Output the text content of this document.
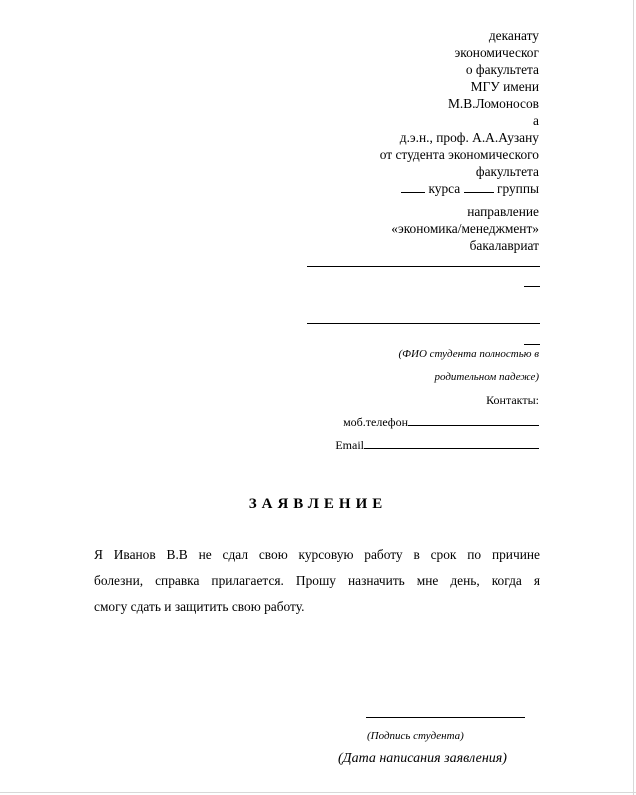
деканату
экономическог
о факультета
МГУ имени
М.В.Ломоносов
а
д.э.н., проф. А.А.Аузану
от студента экономического
факультета
курса	группы
направление
«экономика/менеджмент»
бакалавриат
(ФИО студента полностью в
родительном падеже)
Контакты:
моб.телефон
Email
ЗАЯВЛЕНИЕ
Я Иванов В.В не сдал свою курсовую работу в срок по причине
болезни, справка прилагается. Прошу назначить мне день, когда я
смогу сдать и защитить свою работу.
(Подпись студента)
(Дата написания заявления)
